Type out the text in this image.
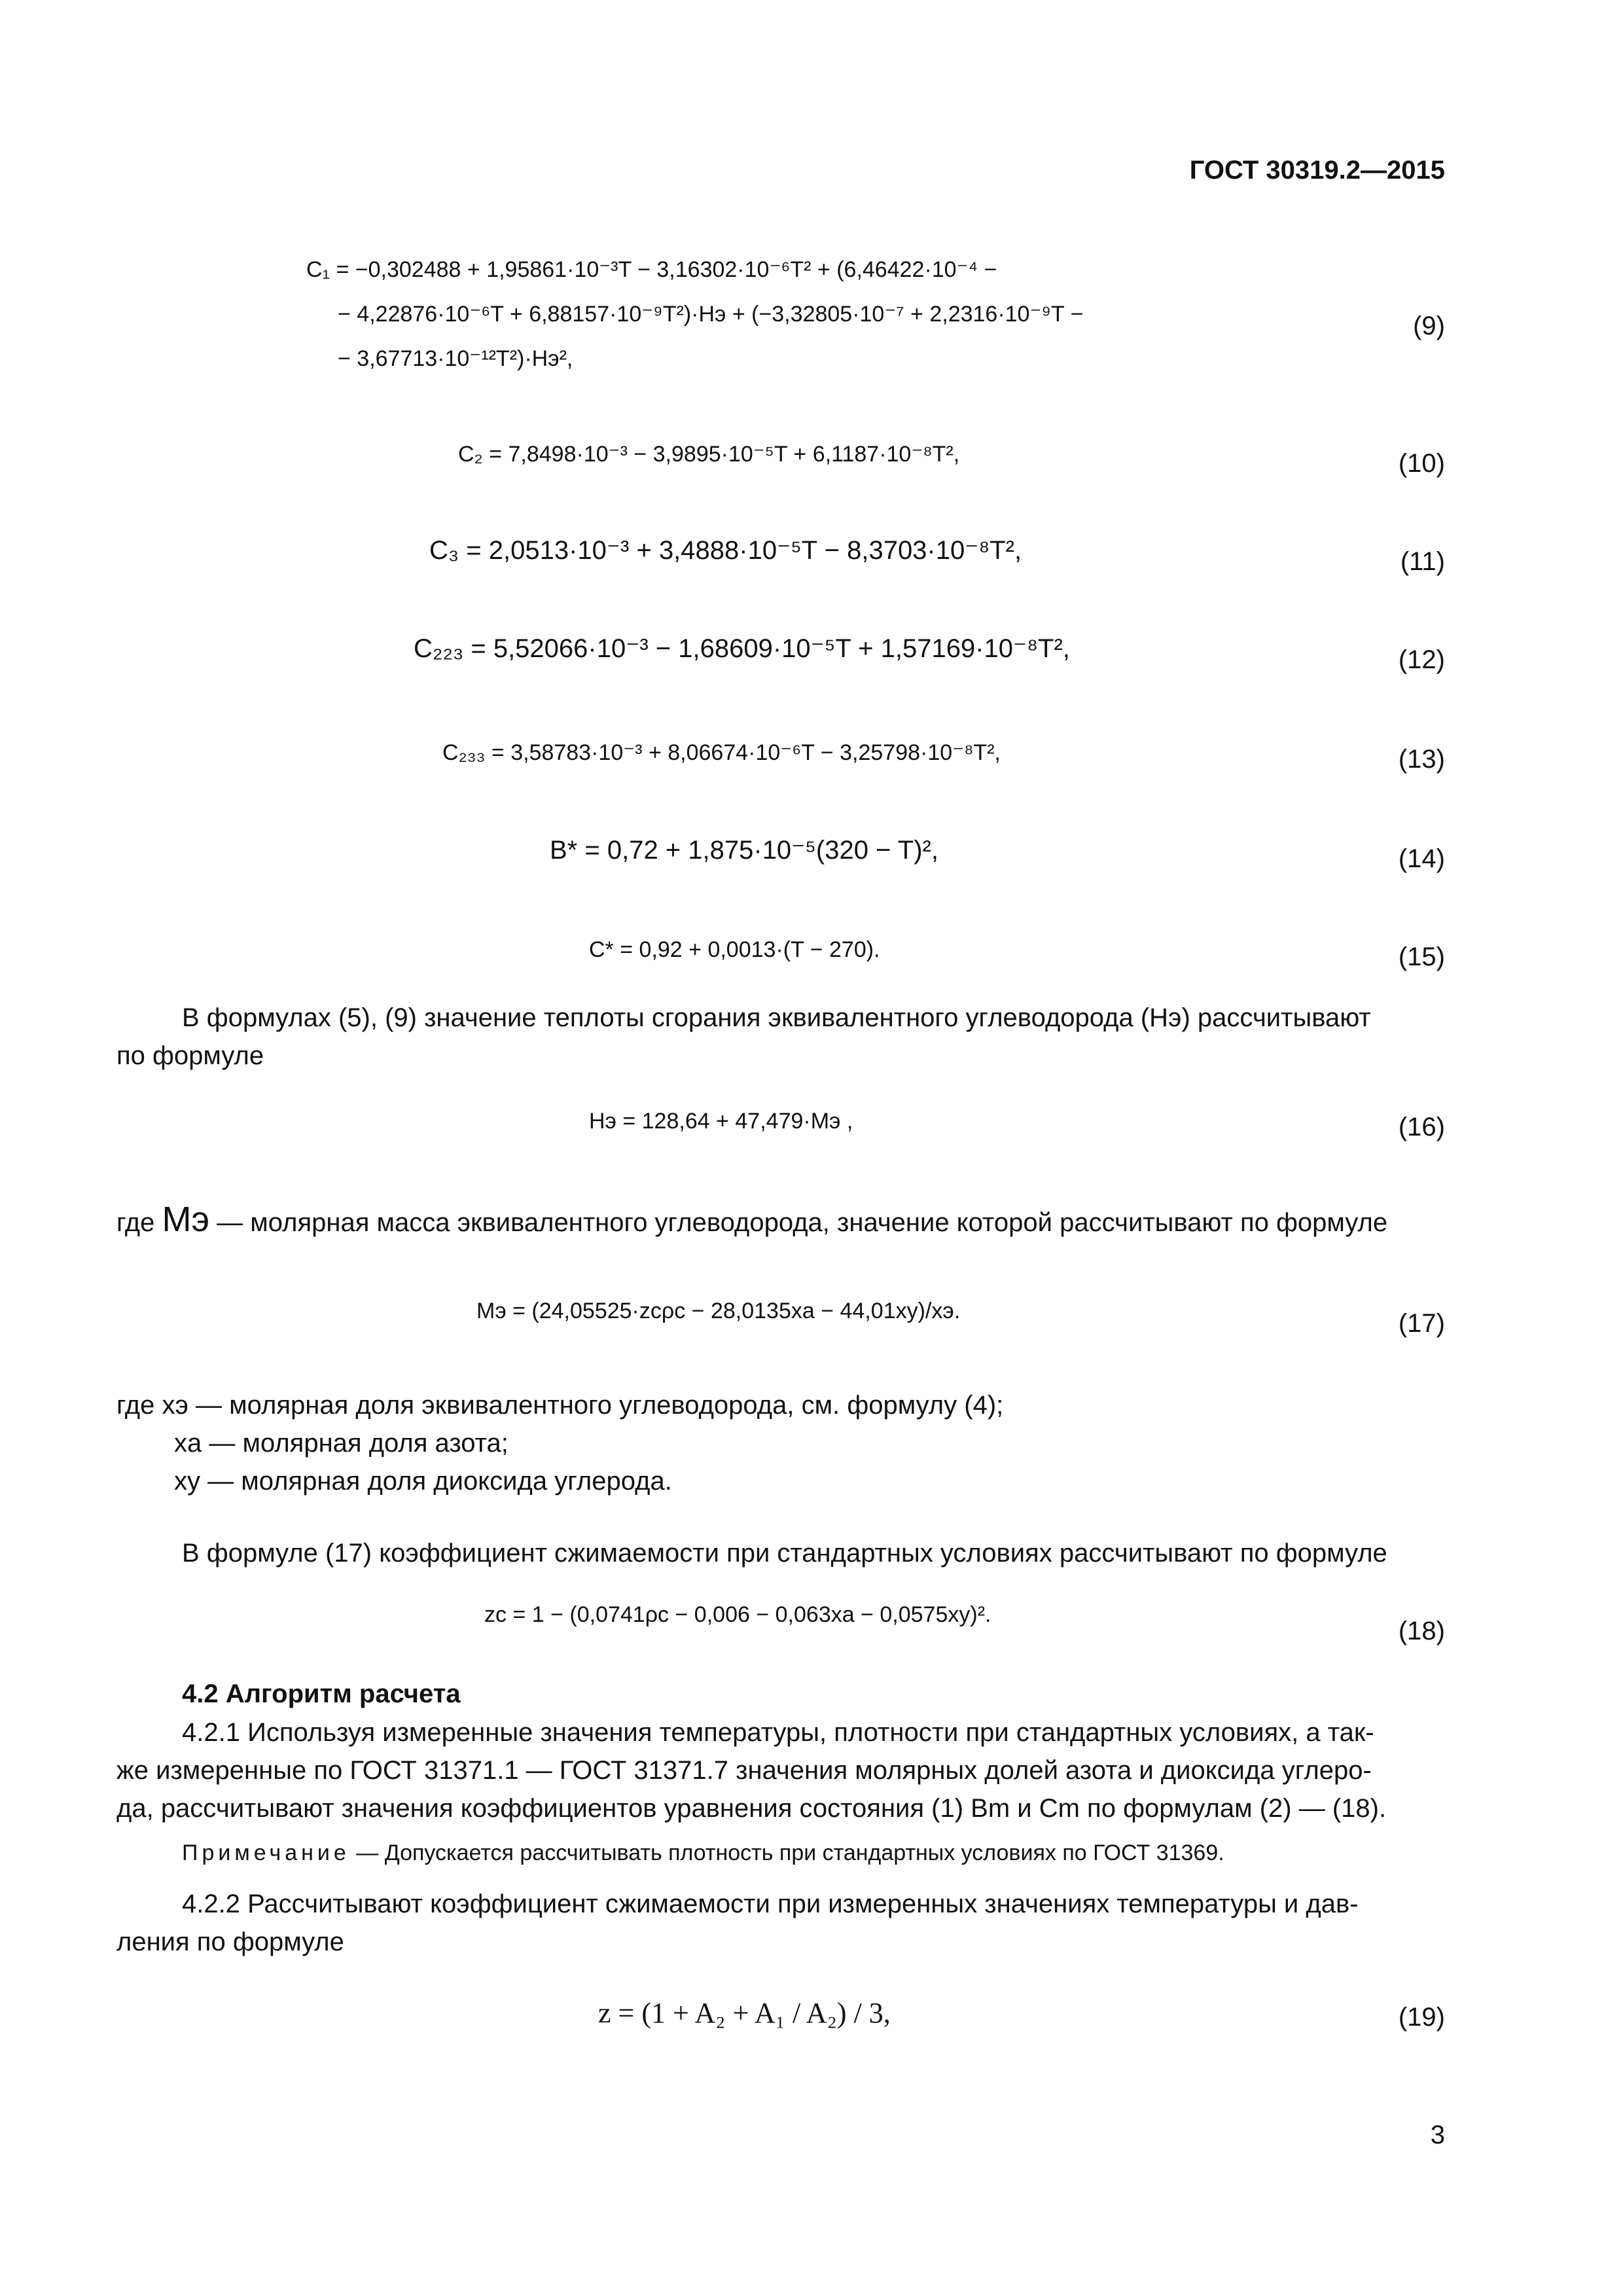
ГОСТ 30319.2—2015
C₁ = −0,302488 + 1,95861·10⁻³T − 3,16302·10⁻⁶T² + (6,46422·10⁻⁴ −
− 4,22876·10⁻⁶T + 6,88157·10⁻⁹T²)·Hэ + (−3,32805·10⁻⁷ + 2,2316·10⁻⁹T −
− 3,67713·10⁻¹²T²)·Hэ²,
(9)
C₂ = 7,8498·10⁻³ − 3,9895·10⁻⁵T + 6,1187·10⁻⁸T²,	(10)
C₃ = 2,0513·10⁻³ + 3,4888·10⁻⁵T − 8,3703·10⁻⁸T²,	(11)
C₂₂₃ = 5,52066·10⁻³ − 1,68609·10⁻⁵T + 1,57169·10⁻⁸T²,	(12)
C₂₃₃ = 3,58783·10⁻³ + 8,06674·10⁻⁶T − 3,25798·10⁻⁸T²,	(13)
B* = 0,72 + 1,875·10⁻⁵(320 − T)²,	(14)
C* = 0,92 + 0,0013·(T − 270).	(15)
В формулах (5), (9) значение теплоты сгорания эквивалентного углеводорода (Hэ) рассчитывают
по формуле
Hэ = 128,64 + 47,479·Mэ ,	(16)
где Mэ — молярная масса эквивалентного углеводорода, значение которой рассчитывают по формуле
Mэ = (24,05525·zcρc − 28,0135xa − 44,01xy)/xэ.	(17)
где xэ — молярная доля эквивалентного углеводорода, см. формулу (4);
xa — молярная доля азота;
xy — молярная доля диоксида углерода.
В формуле (17) коэффициент сжимаемости при стандартных условиях рассчитывают по формуле
zc = 1 − (0,0741ρc − 0,006 − 0,063xa − 0,0575xy)².
(18)
4.2 Алгоритм расчета
4.2.1 Используя измеренные значения температуры, плотности при стандартных условиях, а так-
же измеренные по ГОСТ 31371.1 — ГОСТ 31371.7 значения молярных долей азота и диоксида углеро-
да, рассчитывают значения коэффициентов уравнения состояния (1) Bm и Cm по формулам (2) — (18).
Примечание — Допускается рассчитывать плотность при стандартных условиях по ГОСТ 31369.
4.2.2 Рассчитывают коэффициент сжимаемости при измеренных значениях температуры и дав-
ления по формуле
z = (1 + A₂ + A₁ / A₂) / 3,	(19)
3
